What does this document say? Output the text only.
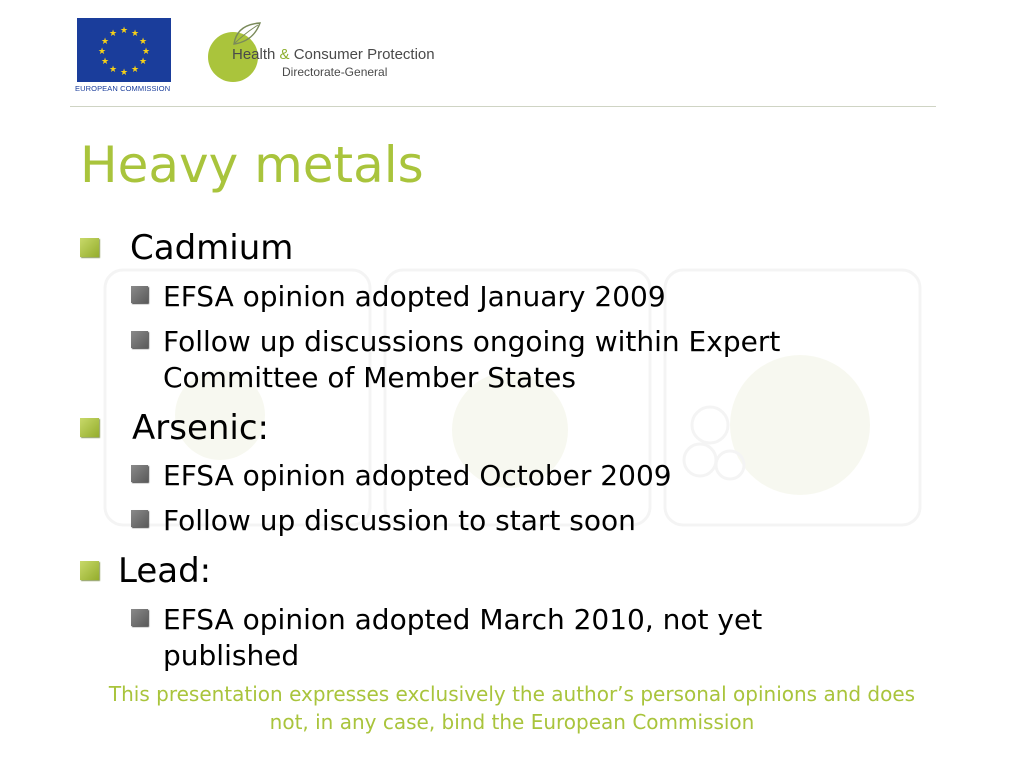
★ ★
★
★
★
★
★
★
★
★
★
★
EUROPEAN COMMISSION
Health & Consumer Protection
Directorate-General
Heavy metals
Cadmium
EFSA opinion adopted January 2009
Follow up discussions ongoing within Expert
Committee of Member States
Arsenic:
EFSA opinion adopted October 2009
Follow up discussion to start soon
Lead:
EFSA opinion adopted March 2010, not yet
published
This presentation expresses exclusively the author’s personal opinions and does
not, in any case, bind the European Commission
